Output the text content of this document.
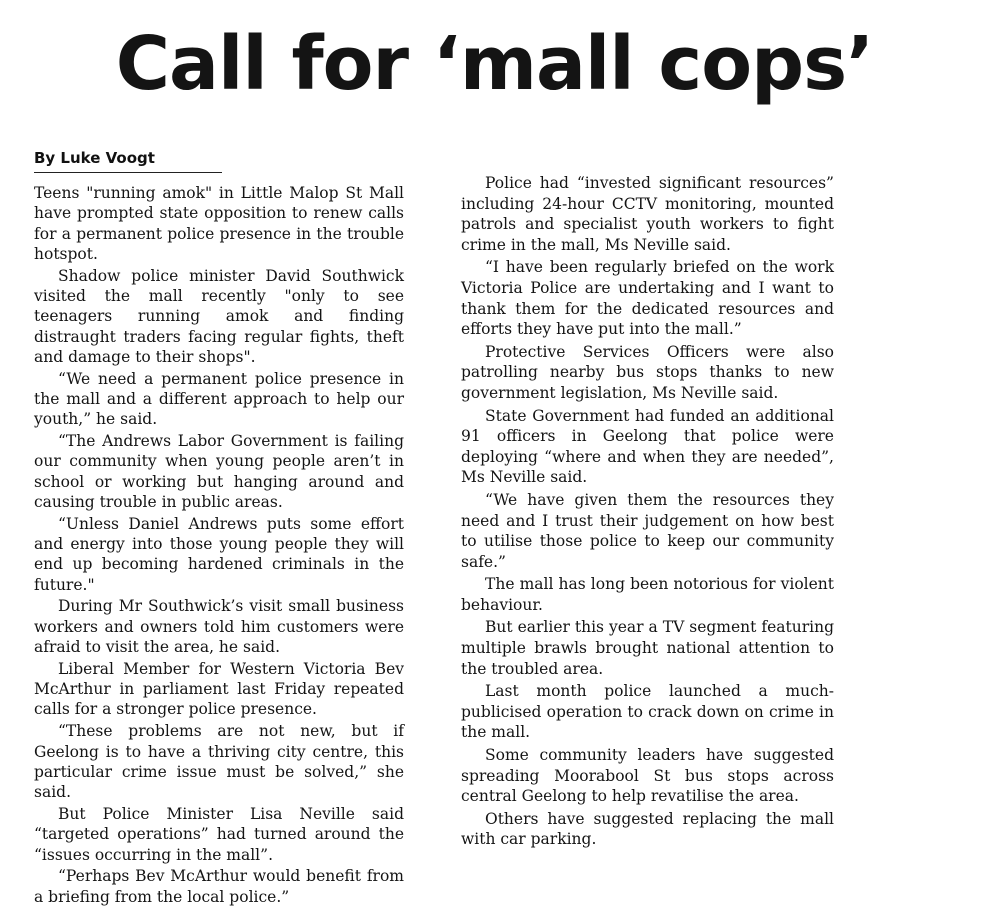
Call for ‘mall cops’
By Luke Voogt

Teens "running amok" in Little Malop St Mall have prompted state opposition to renew calls for a permanent police presence in the trouble hotspot.

Shadow police minister David Southwick visited the mall recently "only to see teenagers running amok and finding distraught traders facing regular fights, theft and damage to their shops".

“We need a permanent police presence in the mall and a different approach to help our youth,” he said.

“The Andrews Labor Government is failing our community when young people aren’t in school or working but hanging around and causing trouble in public areas.

“Unless Daniel Andrews puts some effort and energy into those young people they will end up becoming hardened criminals in the future."

During Mr Southwick’s visit small business workers and owners told him customers were afraid to visit the area, he said.

Liberal Member for Western Victoria Bev McArthur in parliament last Friday repeated calls for a stronger police presence.

“These problems are not new, but if Geelong is to have a thriving city centre, this particular crime issue must be solved,” she said.

But Police Minister Lisa Neville said “targeted operations” had turned around the “issues occurring in the mall”.

“Perhaps Bev McArthur would benefit from a briefing from the local police.”

Police had “invested significant resources” including 24-hour CCTV monitoring, mounted patrols and specialist youth workers to fight crime in the mall, Ms Neville said.

“I have been regularly briefed on the work Victoria Police are undertaking and I want to thank them for the dedicated resources and efforts they have put into the mall.”

Protective Services Officers were also patrolling nearby bus stops thanks to new government legislation, Ms Neville said.

State Government had funded an additional 91 officers in Geelong that police were deploying “where and when they are needed”, Ms Neville said.

“We have given them the resources they need and I trust their judgement on how best to utilise those police to keep our community safe.”

The mall has long been notorious for violent behaviour.

But earlier this year a TV segment featuring multiple brawls brought national attention to the troubled area.

Last month police launched a much-publicised operation to crack down on crime in the mall.

Some community leaders have suggested spreading Moorabool St bus stops across central Geelong to help revatilise the area.

Others have suggested replacing the mall with car parking.
